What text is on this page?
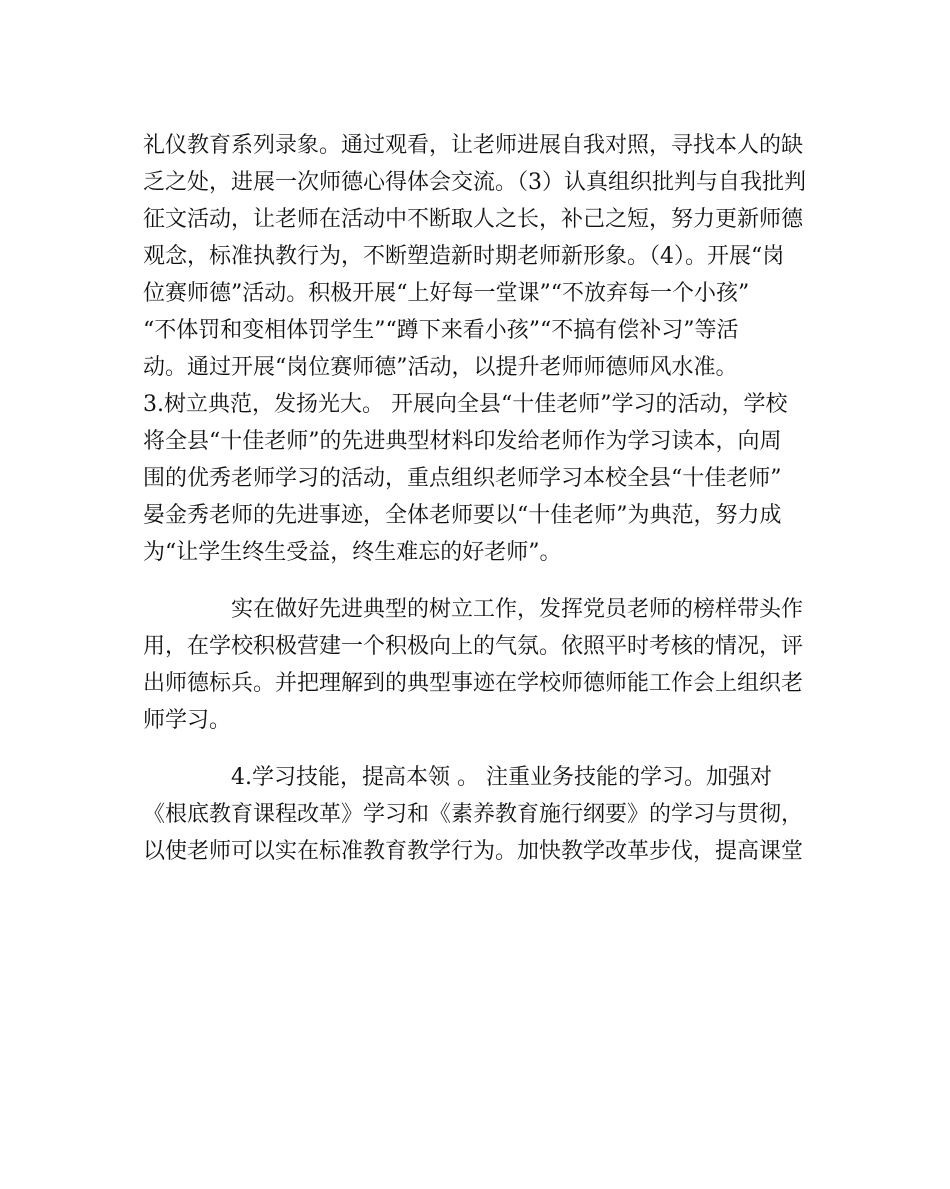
礼仪教育系列录象。通过观看，让老师进展自我对照，寻找本人的缺
乏之处，进展一次师德心得体会交流。（3）认真组织批判与自我批判
征文活动，让老师在活动中不断取人之长，补己之短，努力更新师德
观念，标准执教行为，不断塑造新时期老师新形象。（4）。开展“岗
位赛师德”活动。积极开展“上好每一堂课”“不放弃每一个小孩”
“不体罚和变相体罚学生”“蹲下来看小孩”“不搞有偿补习”等活
动。通过开展“岗位赛师德”活动，以提升老师师德师风水准。
3.树立典范，发扬光大。 开展向全县“十佳老师”学习的活动，学校
将全县“十佳老师”的先进典型材料印发给老师作为学习读本，向周
围的优秀老师学习的活动，重点组织老师学习本校全县“十佳老师”
晏金秀老师的先进事迹，全体老师要以“十佳老师”为典范，努力成
为“让学生终生受益，终生难忘的好老师”。
实在做好先进典型的树立工作，发挥党员老师的榜样带头作
用，在学校积极营建一个积极向上的气氛。依照平时考核的情况，评
出师德标兵。并把理解到的典型事迹在学校师德师能工作会上组织老
师学习。
4.学习技能，提高本领 。 注重业务技能的学习。加强对
《根底教育课程改革》学习和《素养教育施行纲要》的学习与贯彻，
以使老师可以实在标准教育教学行为。加快教学改革步伐，提高课堂
